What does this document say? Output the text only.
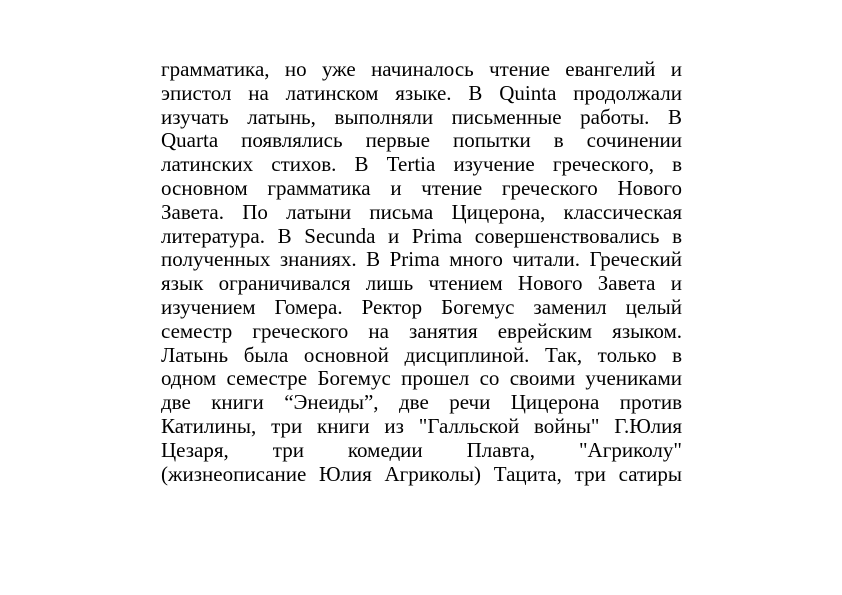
грамматика, но уже начиналось чтение евангелий и
эпистол на латинском языке. В Quinta продолжали
изучать латынь, выполняли письменные работы. В
Quarta появлялись первые попытки в сочинении
латинских стихов. В Tertia изучение греческого, в
основном грамматика и чтение греческого Нового
Завета. По латыни письма Цицерона, классическая
литература. В Secunda и Prima совершенствовались в
полученных знаниях. В Prima много читали. Греческий
язык ограничивался лишь чтением Нового Завета и
изучением Гомера. Ректор Богемус заменил целый
семестр греческого на занятия еврейским языком.
Латынь была основной дисциплиной. Так, только в
одном семестре Богемус прошел со своими учениками
две книги “Энеиды”, две речи Цицерона против
Катилины, три книги из "Галльской войны" Г.Юлия
Цезаря, три комедии Плавта, "Агриколу"
(жизнеописание Юлия Агриколы) Тацита, три сатиры
